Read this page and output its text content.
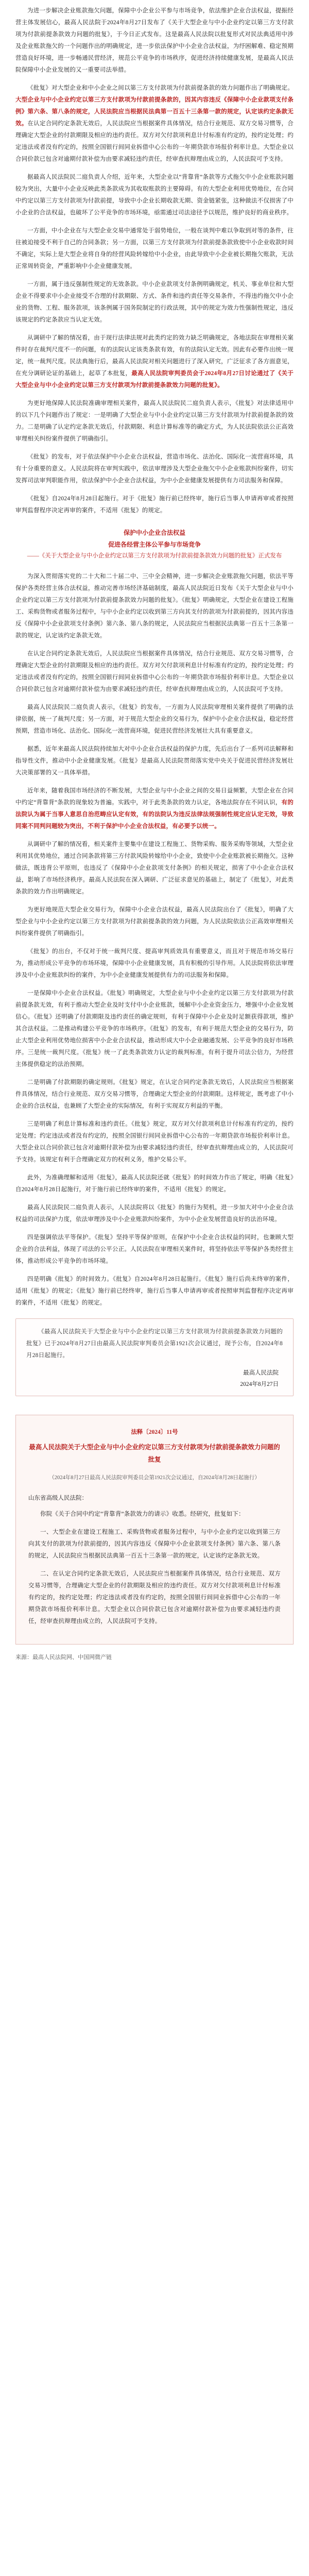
为进一步解决企业账款拖欠问题，保障中小企业公平参与市场竞争，依法维护企业合法权益，提振经营主体发展信心，最高人民法院于2024年8月27日发布了《关于大型企业与中小企业约定以第三方支付款项为付款前提条款效力问题的批复》，于今日正式发布。这是最高人民法院以批复形式对民法典适用中涉及企业账款拖欠的一个问题作出的明确规定，进一步依法保护中小企业合法权益，为纾困解难、稳定预期营造良好环境，进一步畅通民营经济，规范公平竞争的市场秩序，促进经济持续健康发展，是最高人民法院保障中小企业发展的又一重要司法举措。

《批复》对大型企业和中小企业之间以第三方支付款项为付款前提条款的效力问题作出了明确规定。大型企业与中小企业约定以第三方支付款项为付款前提条款的，因其内容违反《保障中小企业款项支付条例》第六条、第八条的规定，人民法院应当根据民法典第一百五十三条第一款的规定，认定该约定条款无效。在认定合同约定条款无效后，人民法院应当根据案件具体情况，结合行业规范、双方交易习惯等，合理确定大型企业的付款期限及相应的违约责任。双方对欠付款项利息计付标准有约定的，按约定处理；约定违法或者没有约定的，按照全国银行间同业拆借中心公布的一年期贷款市场报价利率计息。大型企业以合同价款已包含对逾期付款补偿为由要求减轻违约责任，经审查抗辩理由成立的，人民法院可予支持。

据最高人民法院民二庭负责人介绍，近年来，大型企业以“背靠背”条款等方式拖欠中小企业账款问题较为突出，大量中小企业反映此类条款成为其收取账款的主要障碍。有的大型企业利用优势地位，在合同中约定以第三方支付款项为付款前提，导致中小企业长期收款无期、资金链紧张，这种做法不仅损害了中小企业的合法权益，也破坏了公平竞争的市场环境，亟需通过司法途径予以规范，维护良好的商业秩序。

一方面，中小企业在与大型企业交易中通常处于弱势地位，一般在谈判中难以争取到对等的条件，往往被迫接受不利于自己的合同条款；另一方面，以第三方支付款项为付款前提条款致使中小企业收款时间不确定，实际上是大型企业将自身的经营风险转嫁给中小企业，由此导致中小企业被长期拖欠账款，无法正常周转资金，严重影响中小企业健康发展。

一方面，属于违反强制性规定的无效条款。中小企业款项支付条例明确规定，机关、事业单位和大型企业不得要求中小企业接受不合理的付款期限、方式、条件和违约责任等交易条件，不得违约拖欠中小企业的货物、工程、服务款项，该条例属于国务院制定的行政法规，其中的规定为效力性强制性规定，违反该规定的约定条款应当认定无效。

从调研中了解的情况看，由于现行法律法规对此类约定的效力缺乏明确规定，各地法院在审理相关案件时存在裁判尺度不一的问题，有的法院认定该类条款有效，有的法院认定无效。因此有必要作出统一规定，统一裁判尺度。民法典施行后，最高人民法院对相关问题进行了深入研究，广泛征求了各方面意见，在充分调研论证的基础上，起草了本批复，最高人民法院审判委员会于2024年8月27日讨论通过了《关于大型企业与中小企业约定以第三方支付款项为付款前提条款效力问题的批复》。

为更好地保障人民法院准确审理相关案件，最高人民法院民二庭负责人表示，《批复》对法律适用中的以下几个问题作出了规定：一是明确了大型企业与中小企业约定以第三方支付款项为付款前提条款的效力。二是明确了认定约定条款无效后，付款期限、利息计算标准等的确定方式，为人民法院依法公正高效审理相关纠纷案件提供了明确指引。

《批复》的发布，对于依法保护中小企业合法权益，营造市场化、法治化、国际化一流营商环境，具有十分重要的意义。人民法院将在审判实践中，依法审理涉及大型企业拖欠中小企业账款纠纷案件，切实发挥司法审判职能作用，依法保护中小企业合法权益，为中小企业健康发展提供有力司法服务和保障。

《批复》自2024年8月28日起施行。对于《批复》施行前已经终审，施行后当事人申请再审或者按照审判监督程序决定再审的案件，不适用《批复》的规定。

保护中小企业合法权益
促进各经营主体公平参与市场竞争
——《关于大型企业与中小企业约定以第三方支付款项为付款前提条款效力问题的批复》正式发布

为深入贯彻落实党的二十大和二十届二中、三中全会精神，进一步解决企业账款拖欠问题，依法平等保护各类经营主体合法权益，推动完善市场经济基础制度，最高人民法院近日发布《关于大型企业与中小企业约定以第三方支付款项为付款前提条款效力问题的批复》。《批复》明确规定，大型企业在建设工程施工、采购货物或者服务过程中，与中小企业约定以收到第三方向其支付的款项为付款前提的，因其内容违反《保障中小企业款项支付条例》第六条、第八条的规定，人民法院应当根据民法典第一百五十三条第一款的规定，认定该约定条款无效。

在认定合同约定条款无效后，人民法院应当根据案件具体情况，结合行业规范、双方交易习惯等，合理确定大型企业的付款期限及相应的违约责任。双方对欠付款项利息计付标准有约定的，按约定处理；约定违法或者没有约定的，按照全国银行间同业拆借中心公布的一年期贷款市场报价利率计息。大型企业以合同价款已包含对逾期付款补偿为由要求减轻违约责任，经审查抗辩理由成立的，人民法院可予支持。

最高人民法院民二庭负责人表示，《批复》的发布，一方面为人民法院审理相关案件提供了明确的法律依据，统一了裁判尺度；另一方面，对于规范大型企业的交易行为，保护中小企业合法权益，稳定经营预期，营造市场化、法治化、国际化一流营商环境，促进民营经济发展壮大具有重要意义。

据悉，近年来最高人民法院持续加大对中小企业合法权益的保护力度，先后出台了一系列司法解释和指导性文件，推动中小企业健康发展。《批复》是最高人民法院贯彻落实党中央关于促进民营经济发展壮大决策部署的又一具体举措。

近年来，随着我国市场经济的不断发展，大型企业与中小企业之间的交易日益频繁，大型企业在合同中约定“背靠背”条款的现象较为普遍。实践中，对于此类条款的效力认定，各地法院存在不同认识，有的法院认为属于当事人意思自治范畴应认定有效，有的法院认为违反法律法规强制性规定应认定无效，导致同案不同判问题较为突出，不利于保护中小企业合法权益，有必要予以统一。

从调研中了解的情况看，相关案件主要集中在建设工程施工、货物采购、服务采购等领域，大型企业利用其优势地位，通过合同条款将第三方付款风险转嫁给中小企业，致使中小企业账款被长期拖欠。这种做法，既违背公平原则，也违反了《保障中小企业款项支付条例》的相关规定，损害了中小企业合法权益，影响了市场经济秩序。最高人民法院在深入调研、广泛征求意见的基础上，制定了《批复》，对此类条款的效力作出明确规定。

为更好地规范大型企业交易行为，保障中小企业合法权益，最高人民法院出台了《批复》，明确了大型企业与中小企业约定以第三方支付款项为付款前提条款的效力问题，为人民法院依法公正高效审理相关纠纷案件提供了明确指引。

《批复》的出台，不仅对于统一裁判尺度、提高审判质效具有重要意义，而且对于规范市场交易行为，推动形成公平竞争的市场环境，保障中小企业健康发展，具有积极的引导作用。人民法院将依法审理涉及中小企业账款纠纷的案件，为中小企业健康发展提供有力的司法服务和保障。

一是保障中小企业合法权益。《批复》明确规定，大型企业与中小企业约定以第三方支付款项为付款前提条款无效，有利于推动大型企业及时支付中小企业账款，缓解中小企业资金压力，增强中小企业发展信心。《批复》还明确了付款期限及违约责任的确定规则，有利于保障中小企业及时足额获得款项，维护其合法权益。二是推动构建公平竞争的市场秩序。《批复》的发布，有利于规范大型企业的交易行为，防止大型企业利用优势地位损害中小企业合法权益，推动形成大中小企业融通发展、公平竞争的良好市场秩序。三是统一裁判尺度。《批复》统一了此类条款效力认定的裁判标准，有利于提升司法公信力，为经营主体提供稳定的法治预期。

二是明确了付款期限的确定规则。《批复》规定，在认定合同约定条款无效后，人民法院应当根据案件具体情况，结合行业规范、双方交易习惯等，合理确定大型企业的付款期限。这样规定，既考虑了中小企业的合法权益，也兼顾了大型企业的实际情况，有利于实现双方利益的平衡。

三是明确了利息计算标准和违约责任。《批复》规定，双方对欠付款项利息计付标准有约定的，按约定处理；约定违法或者没有约定的，按照全国银行间同业拆借中心公布的一年期贷款市场报价利率计息。大型企业以合同价款已包含对逾期付款补偿为由要求减轻违约责任，经审查抗辩理由成立的，人民法院可予支持。该规定有利于合理确定双方的权利义务，维护交易公平。

此外，为准确理解和适用《批复》，最高人民法院还就《批复》的时间效力作出了规定，明确《批复》自2024年8月28日起施行，对于施行前已经终审的案件，不适用《批复》的规定。

最高人民法院民二庭负责人表示，人民法院将以《批复》的施行为契机，进一步加大对中小企业合法权益的司法保护力度，依法审理涉及中小企业账款纠纷案件，为中小企业发展营造良好的法治环境。

四是强调依法平等保护。《批复》坚持平等保护原则，在保护中小企业合法权益的同时，也兼顾大型企业的合法利益，体现了司法的公平公正。人民法院在审理相关案件时，将坚持依法平等保护各类经营主体，推动形成公平竞争的市场环境。

四是明确《批复》的时间效力。《批复》自2024年8月28日起施行。《批复》施行后尚未终审的案件，适用《批复》的规定；《批复》施行前已经终审，施行后当事人申请再审或者按照审判监督程序决定再审的案件，不适用《批复》的规定。

《最高人民法院关于大型企业与中小企业约定以第三方支付款项为付款前提条款效力问题的批复》已于2024年8月27日由最高人民法院审判委员会第1921次会议通过，现予公布，自2024年8月28日起施行。

最高人民法院
2024年8月27日
法释〔2024〕11号
最高人民法院关于大型企业与中小企业约定以第三方支付款项为付款前提条款效力问题的批复
（2024年8月27日最高人民法院审判委员会第1921次会议通过，自2024年8月28日起施行）
山东省高级人民法院：

你院《关于合同中约定“背靠背”条款效力的请示》收悉。经研究，批复如下：

一、大型企业在建设工程施工、采购货物或者服务过程中，与中小企业约定以收到第三方向其支付的款项为付款前提的，因其内容违反《保障中小企业款项支付条例》第六条、第八条的规定，人民法院应当根据民法典第一百五十三条第一款的规定，认定该约定条款无效。

二、在认定合同约定条款无效后，人民法院应当根据案件具体情况，结合行业规范、双方交易习惯等，合理确定大型企业的付款期限及相应的违约责任。双方对欠付款项利息计付标准有约定的，按约定处理；约定违法或者没有约定的，按照全国银行间同业拆借中心公布的一年期贷款市场报价利率计息。大型企业以合同价款已包含对逾期付款补偿为由要求减轻违约责任，经审查抗辩理由成立的，人民法院可予支持。

来源：最高人民法院网、中国网微产链
